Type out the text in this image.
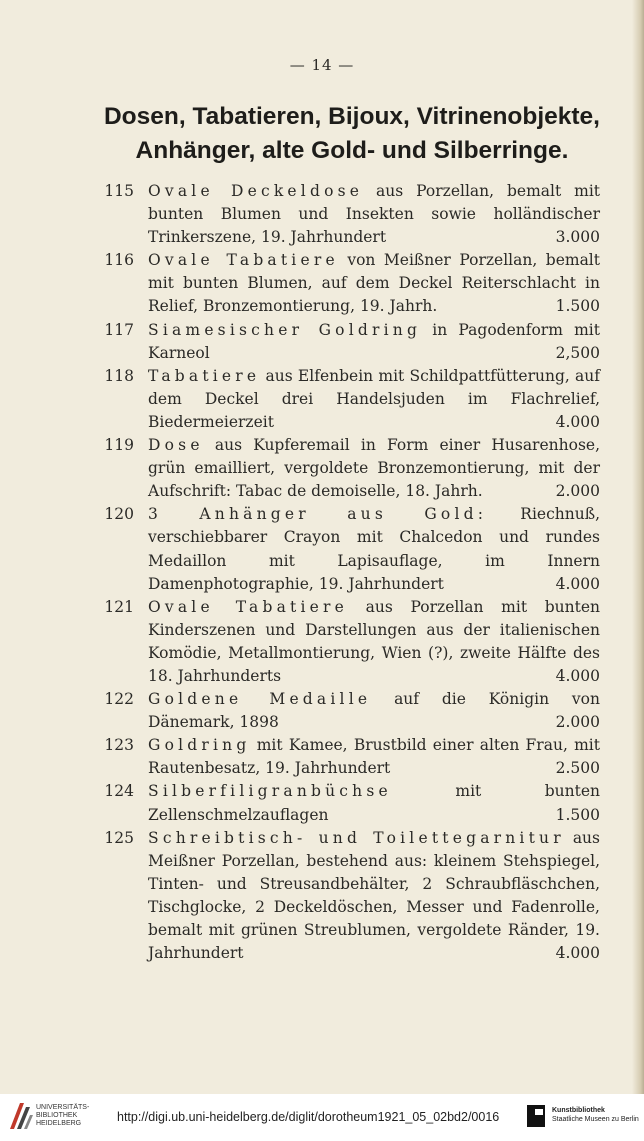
— 14 —
Dosen, Tabatieren, Bijoux, Vitrinenobjekte,
Anhänger, alte Gold- und Silberringe.
115 Ovale Deckeldose aus Porzellan, bemalt mit bunten Blumen und Insekten sowie holländischer Trinkerszene, 19. Jahrhundert	3.000
116 Ovale Tabatiere von Meißner Porzellan, bemalt mit bunten Blumen, auf dem Deckel Reiterschlacht in Relief, Bronzemontierung, 19. Jahrh.	1.500
117 Siamesischer Goldring in Pagodenform mit Karneol	2,500
118 Tabatiere aus Elfenbein mit Schildpattfütterung, auf dem Deckel drei Handelsjuden im Flachrelief, Biedermeierzeit	4.000
119 Dose aus Kupferemail in Form einer Husarenhose, grün emailliert, vergoldete Bronzemontierung, mit der Aufschrift: Tabac de demoiselle, 18. Jahrh.	2.000
120 3 Anhänger aus Gold: Riechnuß, verschiebbarer Crayon mit Chalcedon und rundes Medaillon mit Lapisauflage, im Innern Damenphotographie, 19. Jahrhundert	4.000
121 Ovale Tabatiere aus Porzellan mit bunten Kinderszenen und Darstellungen aus der italienischen Komödie, Metallmontierung, Wien (?), zweite Hälfte des 18. Jahrhunderts	4.000
122 Goldene Medaille auf die Königin von Dänemark, 1898	2.000
123 Goldring mit Kamee, Brustbild einer alten Frau, mit Rautenbesatz, 19. Jahrhundert	2.500
124 Silberfiligranbüchse mit bunten Zellenschmelzauflagen	1.500
125 Schreibtisch- und Toilettegarnitur aus Meißner Porzellan, bestehend aus: kleinem Stehspiegel, Tinten- und Streusandbehälter, 2 Schraubfläschchen, Tischglocke, 2 Deckeldöschen, Messer und Fadenrolle, bemalt mit grünen Streublumen, vergoldete Ränder, 19. Jahrhundert	4.000
UNIVERSITÄTS-
BIBLIOTHEK
HEIDELBERG	http://digi.ub.uni-heidelberg.de/diglit/dorotheum1921_05_02bd2/0016	Kunstbibliothek
Staatliche Museen zu Berlin
